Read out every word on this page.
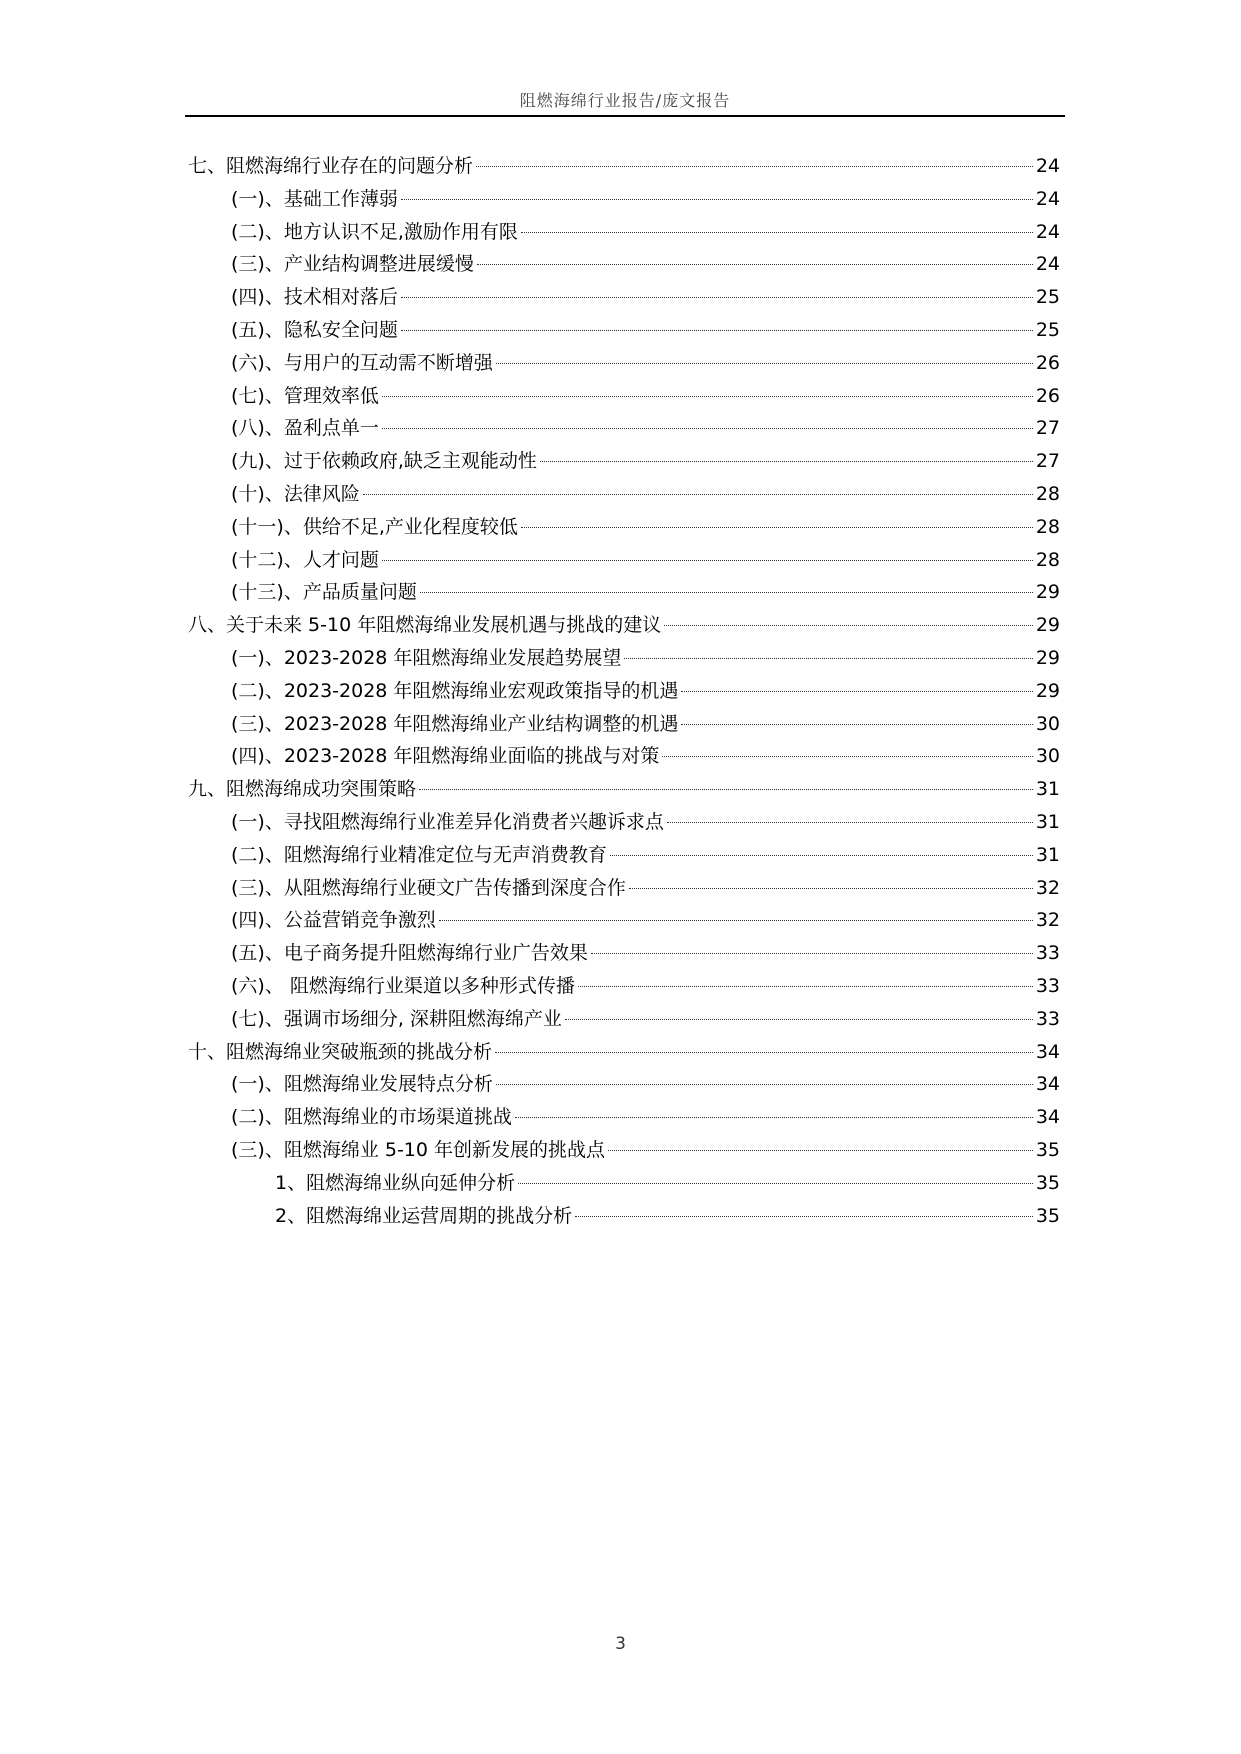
阻燃海绵行业报告/庞文报告
七、阻燃海绵行业存在的问题分析	24
(一)、基础工作薄弱	24
(二)、地方认识不足,激励作用有限	24
(三)、产业结构调整进展缓慢	24
(四)、技术相对落后	25
(五)、隐私安全问题	25
(六)、与用户的互动需不断增强	26
(七)、管理效率低	26
(八)、盈利点单一	27
(九)、过于依赖政府,缺乏主观能动性	27
(十)、法律风险	28
(十一)、供给不足,产业化程度较低	28
(十二)、人才问题	28
(十三)、产品质量问题	29
八、关于未来 5-10 年阻燃海绵业发展机遇与挑战的建议	29
(一)、2023-2028 年阻燃海绵业发展趋势展望	29
(二)、2023-2028 年阻燃海绵业宏观政策指导的机遇	29
(三)、2023-2028 年阻燃海绵业产业结构调整的机遇	30
(四)、2023-2028 年阻燃海绵业面临的挑战与对策	30
九、阻燃海绵成功突围策略	31
(一)、寻找阻燃海绵行业准差异化消费者兴趣诉求点	31
(二)、阻燃海绵行业精准定位与无声消费教育	31
(三)、从阻燃海绵行业硬文广告传播到深度合作	32
(四)、公益营销竞争激烈	32
(五)、电子商务提升阻燃海绵行业广告效果	33
(六)、 阻燃海绵行业渠道以多种形式传播	33
(七)、强调市场细分, 深耕阻燃海绵产业	33
十、阻燃海绵业突破瓶颈的挑战分析	34
(一)、阻燃海绵业发展特点分析	34
(二)、阻燃海绵业的市场渠道挑战	34
(三)、阻燃海绵业 5-10 年创新发展的挑战点	35
1、阻燃海绵业纵向延伸分析	35
2、阻燃海绵业运营周期的挑战分析	35
3
